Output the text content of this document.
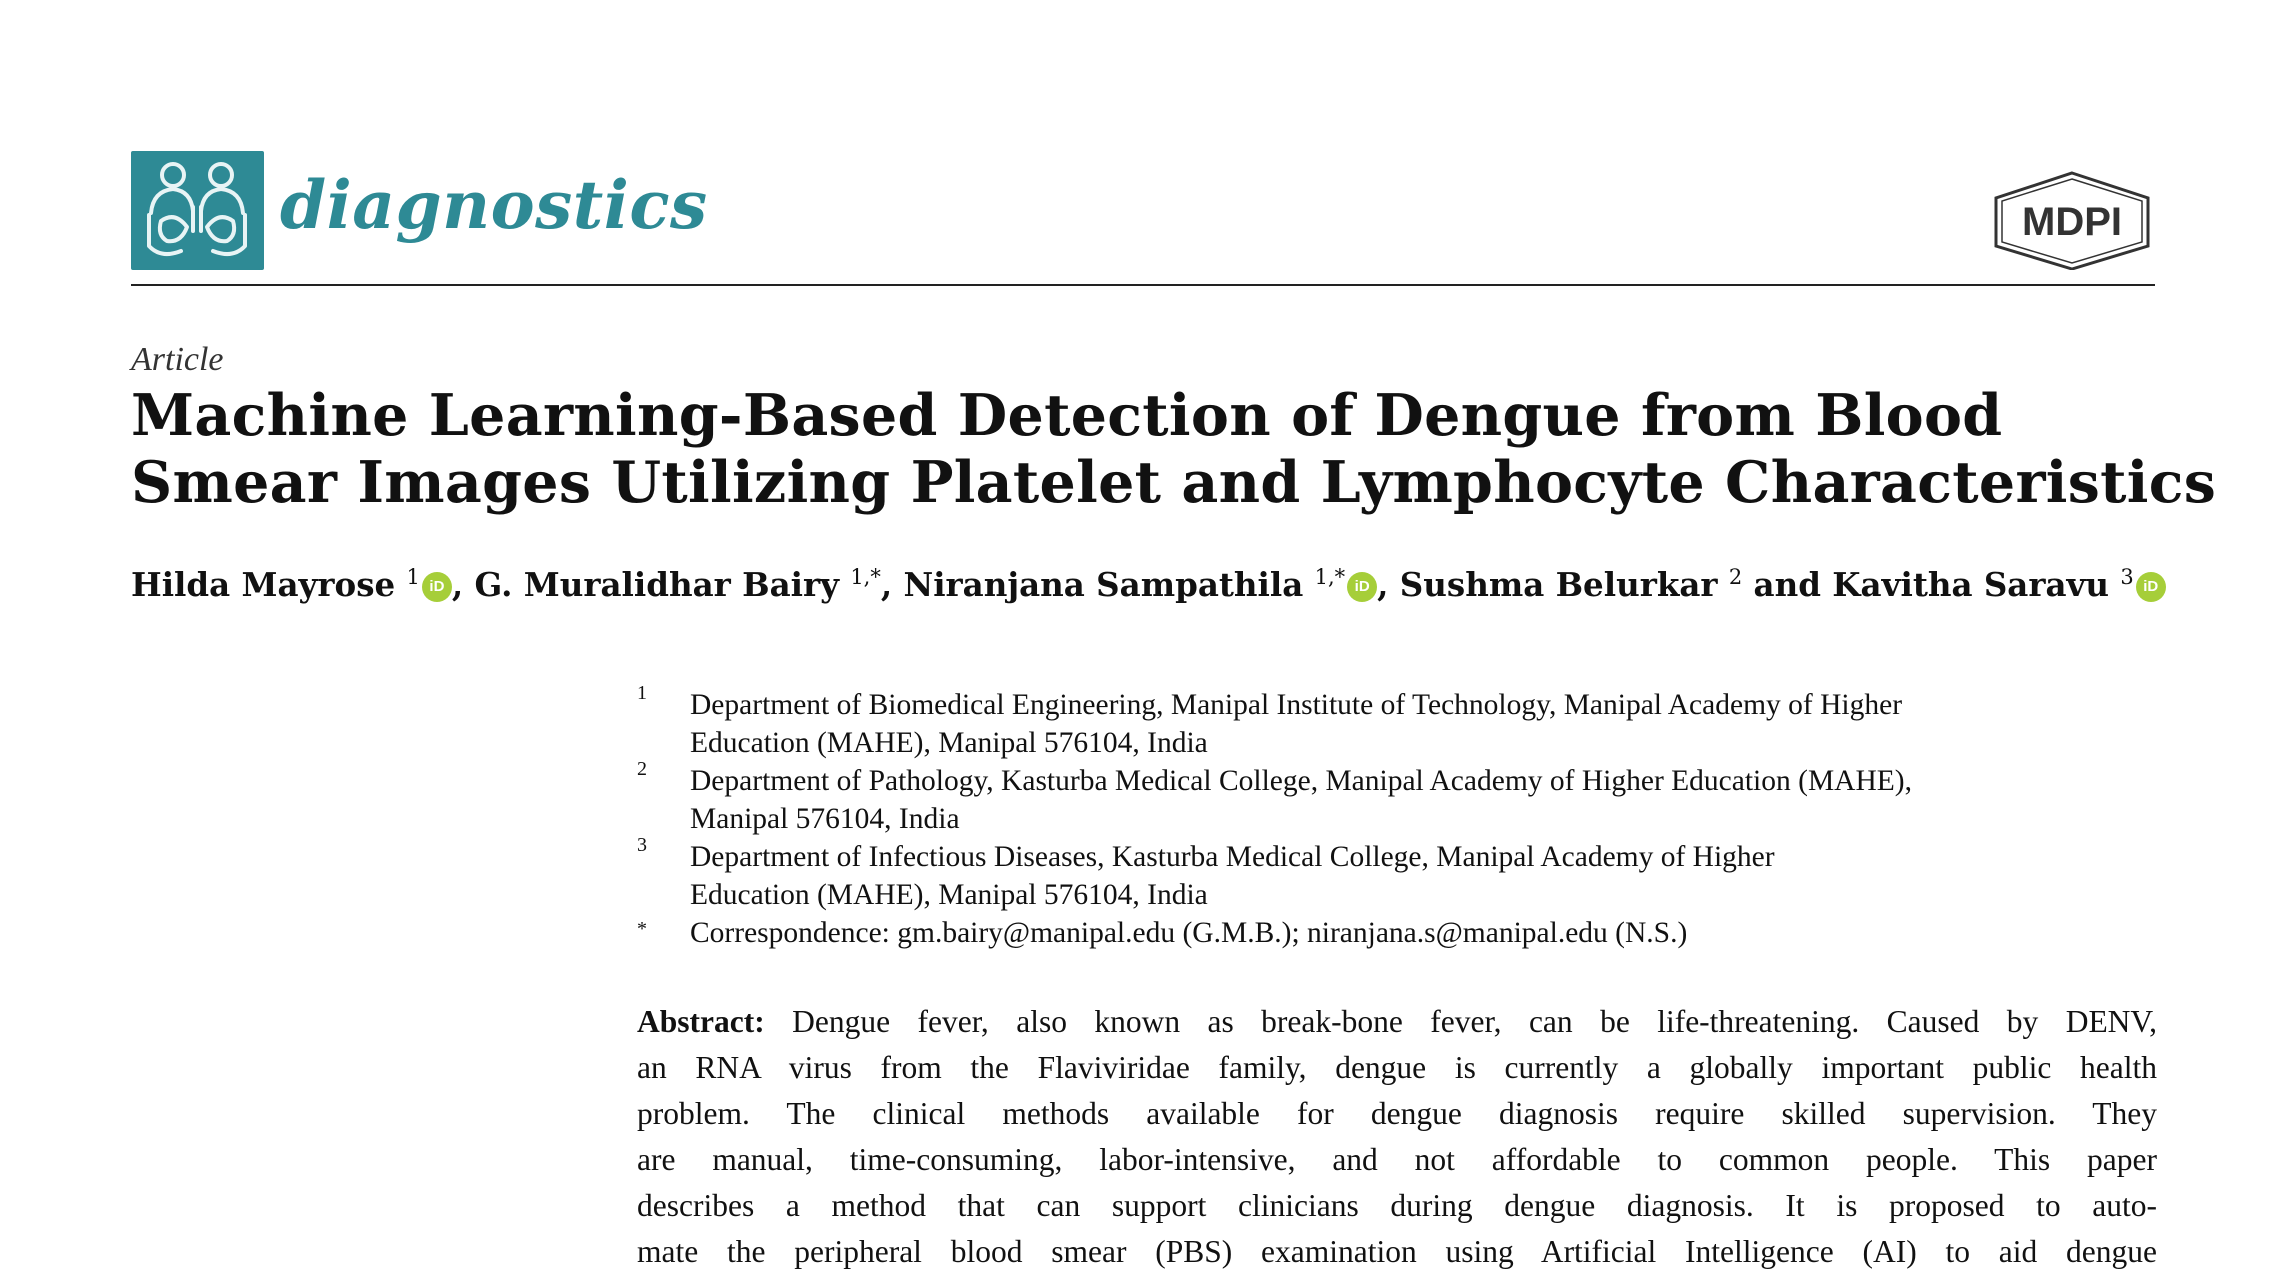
diagnostics	MDPI
Article
Machine Learning-Based Detection of Dengue from Blood
Smear Images Utilizing Platelet and Lymphocyte Characteristics
Hilda Mayrose $^1$ iD , G. Muralidhar Bairy $^{1,*}$, Niranjana Sampathila $^{1,*}$ iD , Sushma Belurkar $^2$ and Kavitha Saravu $^3$ iD
1 Department of Biomedical Engineering, Manipal Institute of Technology, Manipal Academy of Higher
Education (MAHE), Manipal 576104, India
2 Department of Pathology, Kasturba Medical College, Manipal Academy of Higher Education (MAHE),
Manipal 576104, India
3 Department of Infectious Diseases, Kasturba Medical College, Manipal Academy of Higher
Education (MAHE), Manipal 576104, India
* Correspondence: gm.bairy@manipal.edu (G.M.B.); niranjana.s@manipal.edu (N.S.)
Abstract: Dengue fever, also known as break-bone fever, can be life-threatening. Caused by DENV,
an RNA virus from the Flaviviridae family, dengue is currently a globally important public health
problem. The clinical methods available for dengue diagnosis require skilled supervision. They
are manual, time-consuming, labor-intensive, and not affordable to common people. This paper
describes a method that can support clinicians during dengue diagnosis. It is proposed to auto-
mate the peripheral blood smear (PBS) examination using Artificial Intelligence (AI) to aid dengue
